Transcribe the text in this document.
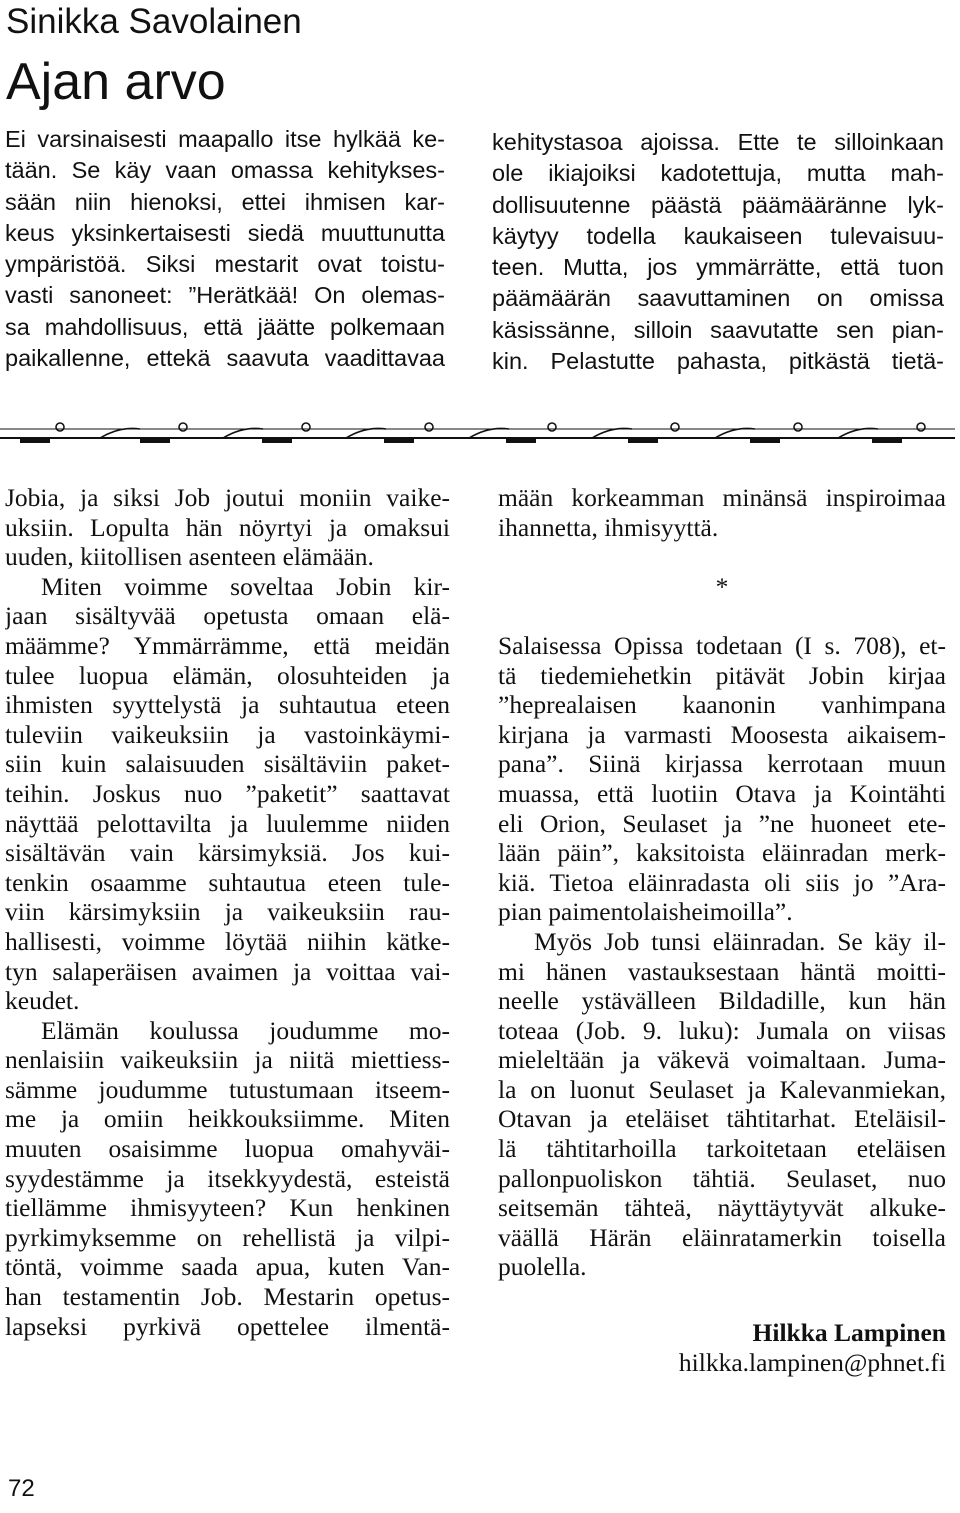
Sinikka Savolainen
Ajan arvo
Ei varsinaisesti maapallo itse hylkää ke-
tään. Se käy vaan omassa kehitykses-
sään niin hienoksi, ettei ihmisen kar-
keus yksinkertaisesti siedä muuttunutta
ympäristöä. Siksi mestarit ovat toistu-
vasti sanoneet: ”Herätkää! On olemas-
sa mahdollisuus, että jäätte polkemaan
paikallenne, ettekä saavuta vaadittavaa
kehitystasoa ajoissa. Ette te silloinkaan
ole ikiajoiksi kadotettuja, mutta mah-
dollisuutenne päästä päämääränne lyk-
käytyy todella kaukaiseen tulevaisuu-
teen. Mutta, jos ymmärrätte, että tuon
päämäärän saavuttaminen on omissa
käsissänne, silloin saavutatte sen pian-
kin. Pelastutte pahasta, pitkästä tietä-
Jobia, ja siksi Job joutui moniin vaike-
uksiin. Lopulta hän nöyrtyi ja omaksui
uuden, kiitollisen asenteen elämään.
Miten voimme soveltaa Jobin kir-
jaan sisältyvää opetusta omaan elä-
määmme? Ymmärrämme, että meidän
tulee luopua elämän, olosuhteiden ja
ihmisten syyttelystä ja suhtautua eteen
tuleviin vaikeuksiin ja vastoinkäymi-
siin kuin salaisuuden sisältäviin paket-
teihin. Joskus nuo ”paketit” saattavat
näyttää pelottavilta ja luulemme niiden
sisältävän vain kärsimyksiä. Jos kui-
tenkin osaamme suhtautua eteen tule-
viin kärsimyksiin ja vaikeuksiin rau-
hallisesti, voimme löytää niihin kätke-
tyn salaperäisen avaimen ja voittaa vai-
keudet.
Elämän koulussa joudumme mo-
nenlaisiin vaikeuksiin ja niitä miettiess-
sämme joudumme tutustumaan itseem-
me ja omiin heikkouksiimme. Miten
muuten osaisimme luopua omahyväi-
syydestämme ja itsekkyydestä, esteistä
tiellämme ihmisyyteen? Kun henkinen
pyrkimyksemme on rehellistä ja vilpi-
töntä, voimme saada apua, kuten Van-
han testamentin Job. Mestarin opetus-
lapseksi pyrkivä opettelee ilmentä-
mään korkeamman minänsä inspiroimaa
ihannetta, ihmisyyttä.
*
Salaisessa Opissa todetaan (I s. 708), et-
tä tiedemiehetkin pitävät Jobin kirjaa
”heprealaisen kaanonin vanhimpana
kirjana ja varmasti Moosesta aikaisem-
pana”. Siinä kirjassa kerrotaan muun
muassa, että luotiin Otava ja Kointähti
eli Orion, Seulaset ja ”ne huoneet ete-
lään päin”, kaksitoista eläinradan merk-
kiä. Tietoa eläinradasta oli siis jo ”Ara-
pian paimentolaisheimoilla”.
Myös Job tunsi eläinradan. Se käy il-
mi hänen vastauksestaan häntä moitti-
neelle ystävälleen Bildadille, kun hän
toteaa (Job. 9. luku): Jumala on viisas
mieleltään ja väkevä voimaltaan. Juma-
la on luonut Seulaset ja Kalevanmiekan,
Otavan ja eteläiset tähtitarhat. Eteläisil-
lä tähtitarhoilla tarkoitetaan eteläisen
pallonpuoliskon tähtiä. Seulaset, nuo
seitsemän tähteä, näyttäytyvät alkuke-
väällä Härän eläinratamerkin toisella
puolella.
Hilkka Lampinen
hilkka.lampinen@phnet.fi
72
